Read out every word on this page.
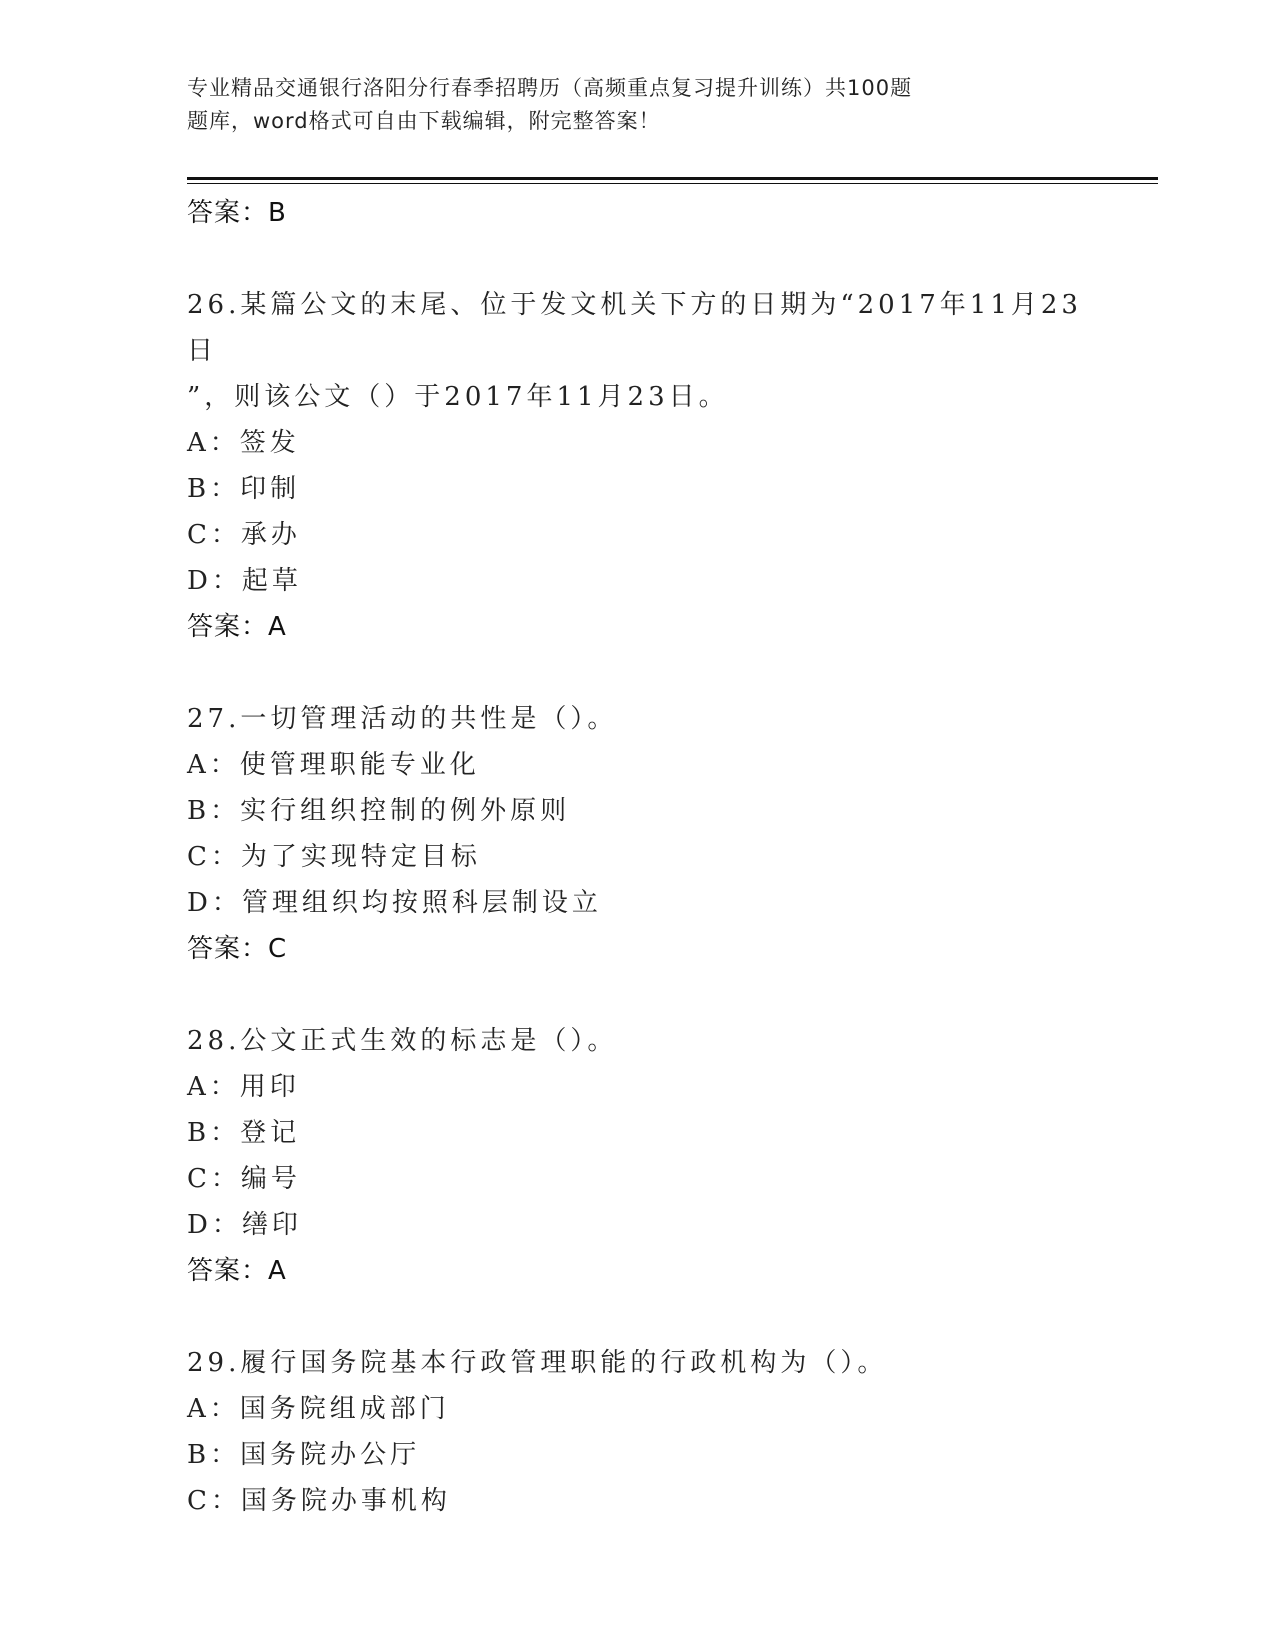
专业精品交通银行洛阳分行春季招聘历（高频重点复习提升训练）共100题
题库，word格式可自由下载编辑，附完整答案！
答案：B
26.某篇公文的末尾、位于发文机关下方的日期为“2017年11月23日
”，则该公文（）于2017年11月23日。
A：签发
B：印制
C：承办
D：起草
答案：A
27.一切管理活动的共性是（）。
A：使管理职能专业化
B：实行组织控制的例外原则
C：为了实现特定目标
D：管理组织均按照科层制设立
答案：C
28.公文正式生效的标志是（）。
A：用印
B：登记
C：编号
D：缮印
答案：A
29.履行国务院基本行政管理职能的行政机构为（）。
A：国务院组成部门
B：国务院办公厅
C：国务院办事机构
